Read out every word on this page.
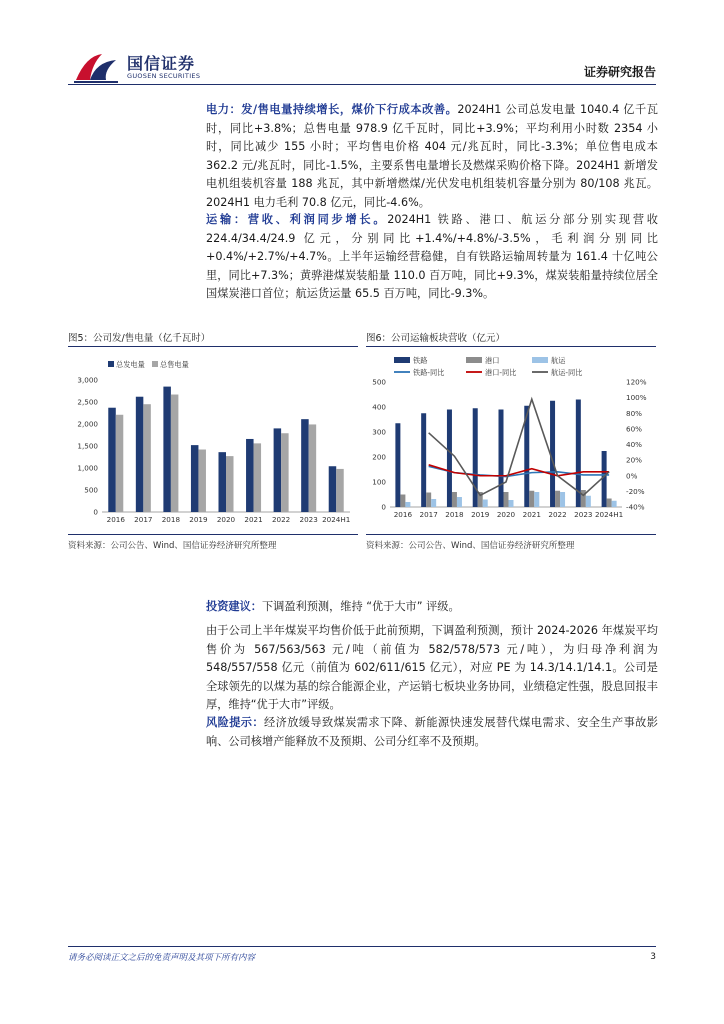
国信证券
GUOSEN SECURITIES	证券研究报告
电力：发/售电量持续增长，煤价下行成本改善。2024H1 公司总发电量 1040.4 亿千瓦时，同比+3.8%；总售电量 978.9 亿千瓦时，同比+3.9%；平均利用小时数 2354 小时，同比减少 155 小时；平均售电价格 404 元/兆瓦时，同比-3.3%；单位售电成本 362.2 元/兆瓦时，同比-1.5%，主要系售电量增长及燃煤采购价格下降。2024H1 新增发电机组装机容量 188 兆瓦，其中新增燃煤/光伏发电机组装机容量分别为 80/108 兆瓦。2024H1 电力毛利 70.8 亿元，同比-4.6%。
运输：营收、利润同步增长。2024H1 铁路、港口、航运分部分别实现营收 224.4/34.4/24.9 亿元，分别同比+1.4%/+4.8%/-3.5%，毛利润分别同比+0.4%/+2.7%/+4.7%。上半年运输经营稳健，自有铁路运输周转量为 161.4 十亿吨公里，同比+7.3%；黄骅港煤炭装船量 110.0 百万吨，同比+9.3%，煤炭装船量持续位居全国煤炭港口首位；航运货运量 65.5 百万吨，同比-9.3%。
图5：公司发/售电量（亿千瓦时）
0
500
1,000
1,500
2,000
2,500
3,000
2016 2017 2018 2019 2020 2021 2022 2023 2024H1
总发电量 总售电量
资料来源：公司公告、Wind、国信证券经济研究所整理
图6：公司运输板块营收（亿元）
0
100
200
300
400
500
-40%
-20%
0%
20%
40%
60%
80%
100%
120%
2016 2017 2018 2019 2020 2021 2022 2023 2024H1
铁路	港口	航运
铁路-同比	港口-同比	航运-同比
资料来源：公司公告、Wind、国信证券经济研究所整理
投资建议：下调盈利预测，维持 “优于大市” 评级。
由于公司上半年煤炭平均售价低于此前预期，下调盈利预测，预计 2024-2026 年煤炭平均售价为 567/563/563 元/吨（前值为 582/578/573 元/吨），为归母净利润为 548/557/558 亿元（前值为 602/611/615 亿元），对应 PE 为 14.3/14.1/14.1。公司是全球领先的以煤为基的综合能源企业，产运销七板块业务协同，业绩稳定性强，股息回报丰厚，维持“优于大市”评级。
风险提示：经济放缓导致煤炭需求下降、新能源快速发展替代煤电需求、安全生产事故影响、公司核增产能释放不及预期、公司分红率不及预期。
请务必阅读正文之后的免责声明及其项下所有内容	3
